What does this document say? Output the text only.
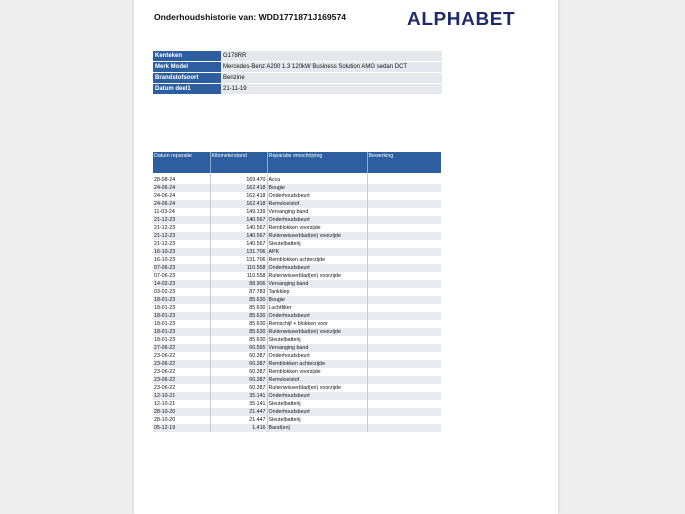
Onderhoudshistorie van: WDD1771871J169574	ALPHABET
Kenteken	G178RR
Merk Model	Mercedes-Benz A200 1.3 120kW Business Solution AMG sedan DCT
Brandstofsoort	Benzine
Datum deel1	21-11-19
Datum reparatie	Kilometerstand	Reparatie omschrijving	Bewerking

28-08-24	169.470	Accu	
24-06-24	162.418	Bougie	
24-06-24	162.418	Onderhoudsbeurt	
24-06-24	162.418	Remvloeistof	
11-03-24	149.139	Vervanging band	
21-12-23	140.567	Onderhoudsbeurt	
21-12-23	140.567	Remblokken voorzijde	
21-12-23	140.567	Ruitenwisserblad(en) voorzijde	
21-12-23	140.567	Sleutelbatterij	
16-10-23	131.706	APK	
16-10-23	131.706	Remblokken achterzijde	
07-06-23	110.558	Onderhoudsbeurt	
07-06-23	110.558	Ruitenwisserblad(en) voorzijde	
14-02-23	88.906	Vervanging band	
03-02-23	87.783	Tankklep	
18-01-23	85.630	Bougie	
18-01-23	85.630	Luchtfilter	
18-01-23	85.630	Onderhoudsbeurt	
18-01-23	85.630	Remschijf + blokken voor	
18-01-23	85.630	Ruitenwisserblad(en) voorzijde	
18-01-23	85.630	Sleutelbatterij	
27-06-22	60.565	Vervanging band	
23-06-22	60.387	Onderhoudsbeurt	
23-06-22	60.387	Remblokken achterzijde	
23-06-22	60.387	Remblokken voorzijde	
23-06-22	60.387	Remvloeistof	
23-06-22	60.387	Ruitenwisserblad(en) voorzijde	
12-10-21	35.141	Onderhoudsbeurt	
12-10-21	35.141	Sleutelbatterij	
28-10-20	21.447	Onderhoudsbeurt	
28-10-20	21.447	Sleutelbatterij	
05-12-19	1.416	Band(en)	
